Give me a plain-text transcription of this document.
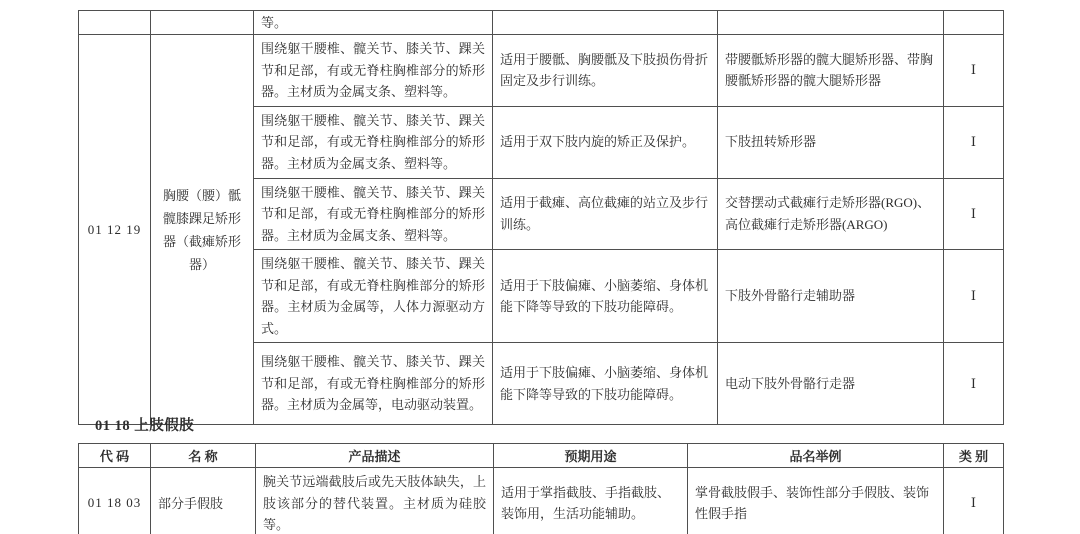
		等。			
01 12 19	胸腰（腰）骶髋膝踝足矫形器（截瘫矫形器）	围绕躯干腰椎、髋关节、膝关节、踝关节和足部，有或无脊柱胸椎部分的矫形器。主材质为金属支条、塑料等。	适用于腰骶、胸腰骶及下肢损伤骨折固定及步行训练。	带腰骶矫形器的髋大腿矫形器、带胸腰骶矫形器的髋大腿矫形器	Ⅰ
		围绕躯干腰椎、髋关节、膝关节、踝关节和足部，有或无脊柱胸椎部分的矫形器。主材质为金属支条、塑料等。	适用于双下肢内旋的矫正及保护。	下肢扭转矫形器	Ⅰ
		围绕躯干腰椎、髋关节、膝关节、踝关节和足部，有或无脊柱胸椎部分的矫形器。主材质为金属支条、塑料等。	适用于截瘫、高位截瘫的站立及步行训练。	交替摆动式截瘫行走矫形器(RGO)、高位截瘫行走矫形器(ARGO)	Ⅰ
		围绕躯干腰椎、髋关节、膝关节、踝关节和足部，有或无脊柱胸椎部分的矫形器。主材质为金属等，人体力源驱动方式。	适用于下肢偏瘫、小脑萎缩、身体机能下降等导致的下肢功能障碍。	下肢外骨骼行走辅助器	Ⅰ
		围绕躯干腰椎、髋关节、膝关节、踝关节和足部，有或无脊柱胸椎部分的矫形器。主材质为金属等，电动驱动装置。	适用于下肢偏瘫、小脑萎缩、身体机能下降等导致的下肢功能障碍。	电动下肢外骨骼行走器	Ⅰ
01 18 上肢假肢
代 码	名 称	产品描述	预期用途	品名举例	类 别
01 18 03	部分手假肢	腕关节远端截肢后或先天肢体缺失，上肢该部分的替代装置。主材质为硅胶等。	适用于掌指截肢、手指截肢、装饰用，生活功能辅助。	掌骨截肢假手、装饰性部分手假肢、装饰性假手指	Ⅰ
